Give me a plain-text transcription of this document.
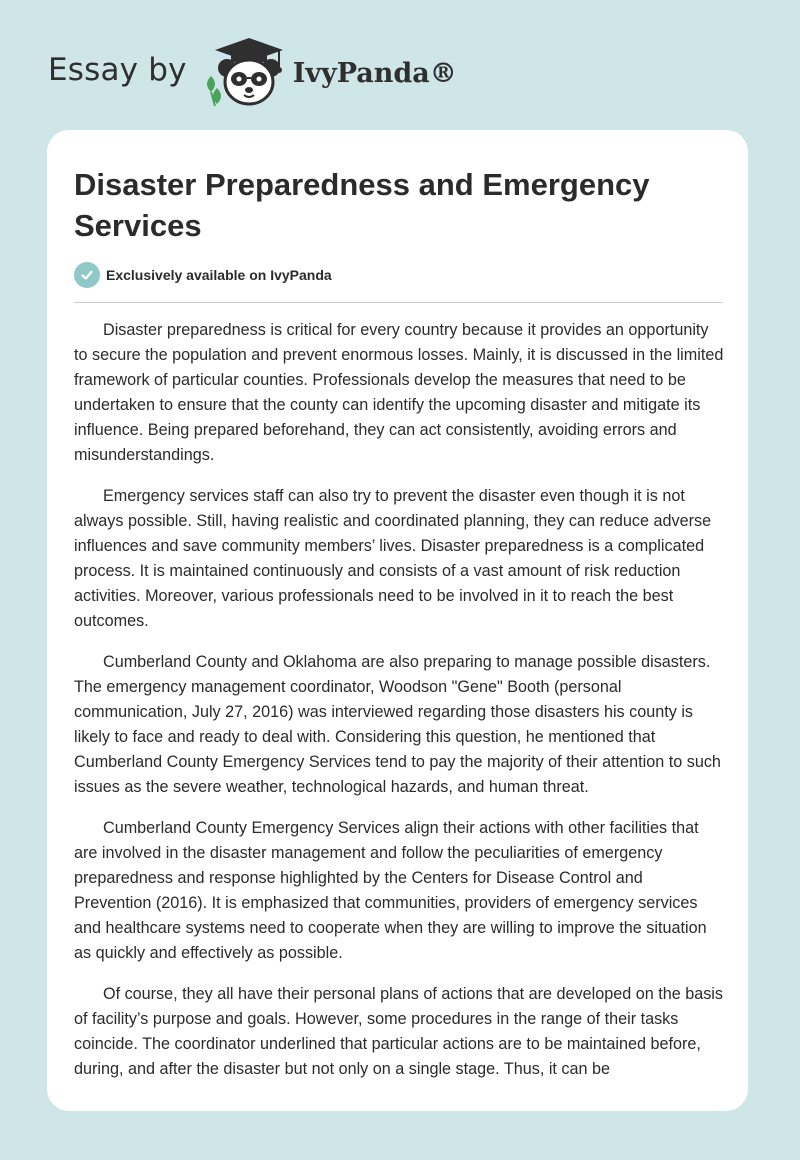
Essay by	IvyPanda®
Disaster Preparedness and Emergency Services
Exclusively available on IvyPanda

Disaster preparedness is critical for every country because it provides an opportunity to secure the population and prevent enormous losses. Mainly, it is discussed in the limited framework of particular counties. Professionals develop the measures that need to be undertaken to ensure that the county can identify the upcoming disaster and mitigate its influence. Being prepared beforehand, they can act consistently, avoiding errors and misunderstandings.

Emergency services staff can also try to prevent the disaster even though it is not always possible. Still, having realistic and coordinated planning, they can reduce adverse influences and save community members’ lives. Disaster preparedness is a complicated process. It is maintained continuously and consists of a vast amount of risk reduction activities. Moreover, various professionals need to be involved in it to reach the best outcomes.

Cumberland County and Oklahoma are also preparing to manage possible disasters. The emergency management coordinator, Woodson "Gene" Booth (personal communication, July 27, 2016) was interviewed regarding those disasters his county is likely to face and ready to deal with. Considering this question, he mentioned that Cumberland County Emergency Services tend to pay the majority of their attention to such issues as the severe weather, technological hazards, and human threat.

Cumberland County Emergency Services align their actions with other facilities that are involved in the disaster management and follow the peculiarities of emergency preparedness and response highlighted by the Centers for Disease Control and Prevention (2016). It is emphasized that communities, providers of emergency services and healthcare systems need to cooperate when they are willing to improve the situation as quickly and effectively as possible.

Of course, they all have their personal plans of actions that are developed on the basis of facility’s purpose and goals. However, some procedures in the range of their tasks coincide. The coordinator underlined that particular actions are to be maintained before, during, and after the disaster but not only on a single stage. Thus, it can be
